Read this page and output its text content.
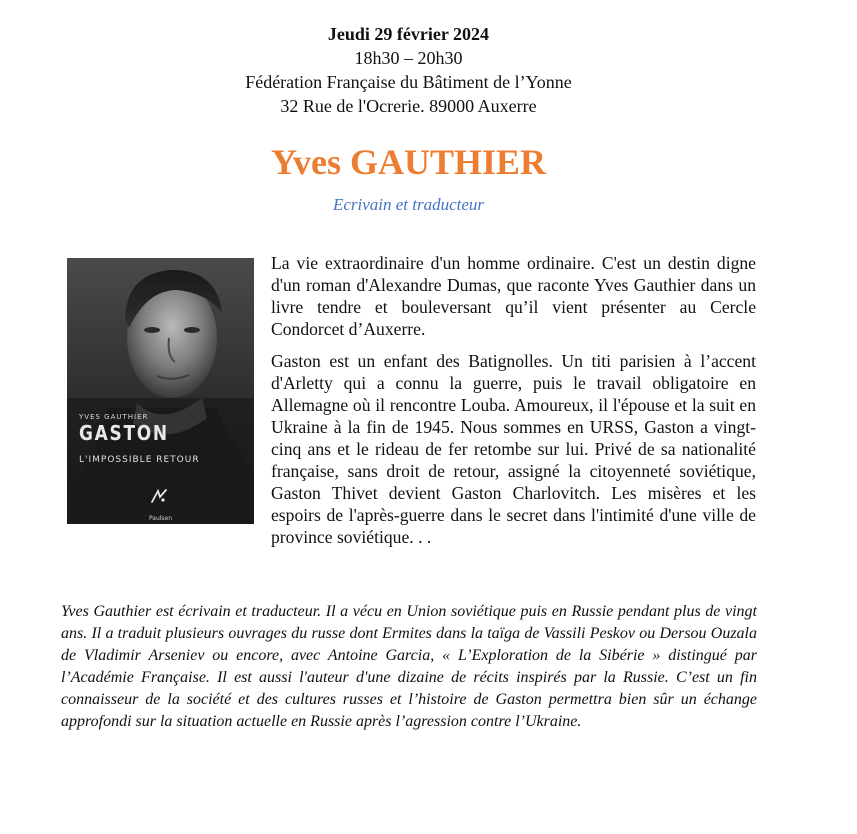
Jeudi 29 février 2024
18h30 – 20h30
Fédération Française du Bâtiment de l’Yonne
32 Rue de l'Ocrerie. 89000 Auxerre
Yves GAUTHIER
Ecrivain et traducteur
YVES GAUTHIER
GASTON
L'IMPOSSIBLE RETOUR
Paulsen

La vie extraordinaire d'un homme ordinaire. C'est un destin digne d'un roman d'Alexandre Dumas, que raconte Yves Gauthier dans un livre tendre et bouleversant qu’il vient présenter au Cercle Condorcet d’Auxerre.

Gaston est un enfant des Batignolles. Un titi parisien à l’accent d'Arletty qui a connu la guerre, puis le travail obligatoire en Allemagne où il rencontre Louba. Amoureux, il l'épouse et la suit en Ukraine à la fin de 1945. Nous sommes en URSS, Gaston a vingt-cinq ans et le rideau de fer retombe sur lui. Privé de sa nationalité française, sans droit de retour, assigné la citoyenneté soviétique, Gaston Thivet devient Gaston Charlovitch. Les misères et les espoirs de l'après-guerre dans le secret dans l'intimité d'une ville de province soviétique. . .

Yves Gauthier est écrivain et traducteur. Il a vécu en Union soviétique puis en Russie pendant plus de vingt ans. Il a traduit plusieurs ouvrages du russe dont Ermites dans la taïga de Vassili Peskov ou Dersou Ouzala de Vladimir Arseniev ou encore, avec Antoine Garcia, « L’Exploration de la Sibérie » distingué par l’Académie Française. Il est aussi l'auteur d'une dizaine de récits inspirés par la Russie. C’est un fin connaisseur de la société et des cultures russes et l’histoire de Gaston permettra bien sûr un échange approfondi sur la situation actuelle en Russie après l’agression contre l’Ukraine.
